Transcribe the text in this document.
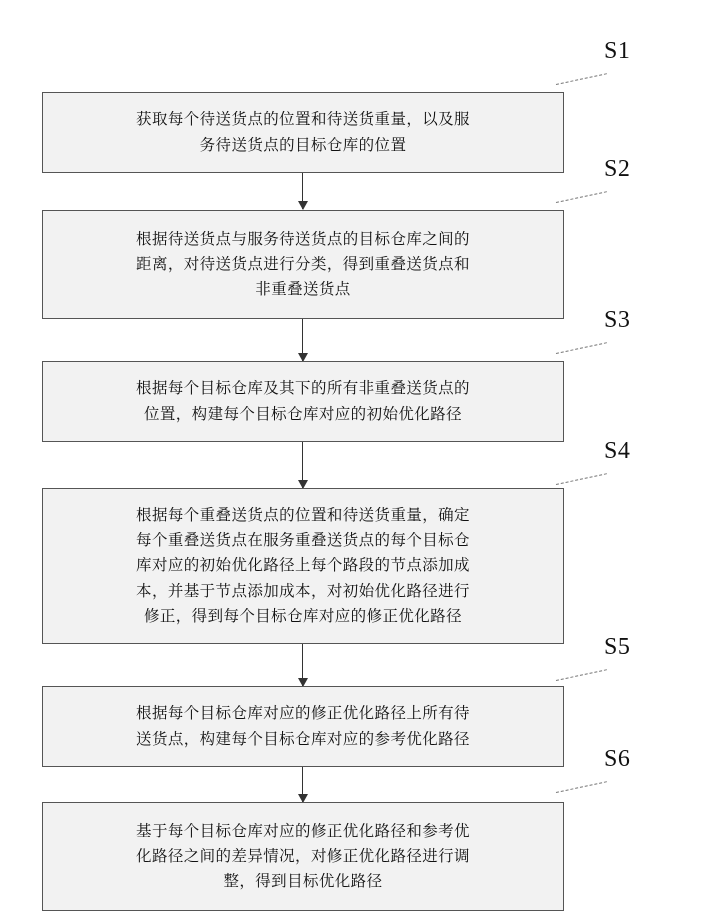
S1
S2
S3
S4
S5
S6
获取每个待送货点的位置和待送货重量，以及服
务待送货点的目标仓库的位置
根据待送货点与服务待送货点的目标仓库之间的
距离，对待送货点进行分类，得到重叠送货点和
非重叠送货点
根据每个目标仓库及其下的所有非重叠送货点的
位置，构建每个目标仓库对应的初始优化路径
根据每个重叠送货点的位置和待送货重量，确定
每个重叠送货点在服务重叠送货点的每个目标仓
库对应的初始优化路径上每个路段的节点添加成
本，并基于节点添加成本，对初始优化路径进行
修正，得到每个目标仓库对应的修正优化路径
根据每个目标仓库对应的修正优化路径上所有待
送货点，构建每个目标仓库对应的参考优化路径
基于每个目标仓库对应的修正优化路径和参考优
化路径之间的差异情况，对修正优化路径进行调
整，得到目标优化路径
